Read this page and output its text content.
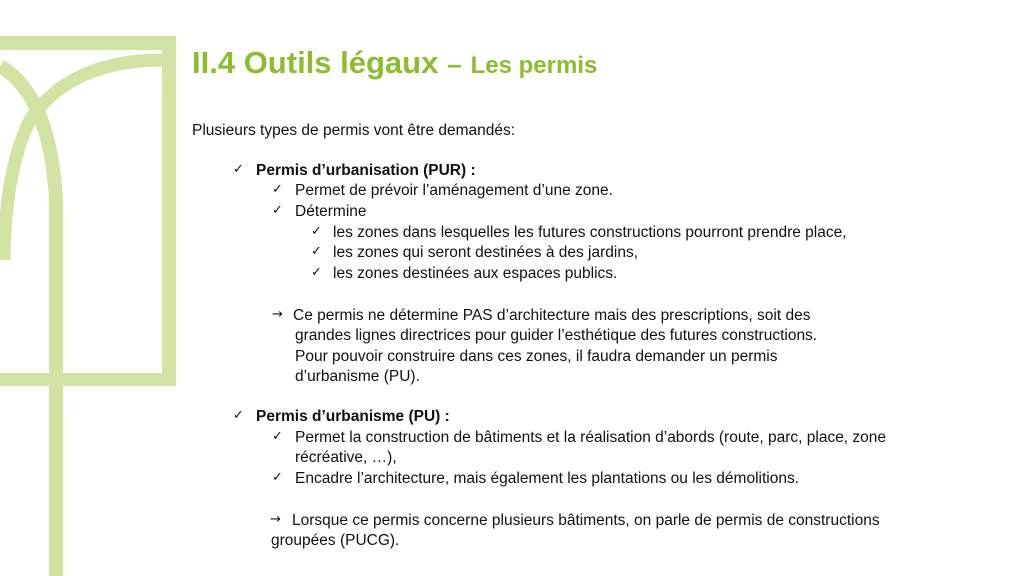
II.4 Outils légaux – Les permis
Plusieurs types de permis vont être demandés:
✓ Permis d’urbanisation (PUR) :
✓ Permet de prévoir l’aménagement d’une zone.
✓ Détermine
✓ les zones dans lesquelles les futures constructions pourront prendre place,
✓ les zones qui seront destinées à des jardins,
✓ les zones destinées aux espaces publics.
→ Ce permis ne détermine PAS d’architecture mais des prescriptions, soit des
grandes lignes directrices pour guider l’esthétique des futures constructions.
Pour pouvoir construire dans ces zones, il faudra demander un permis
d’urbanisme (PU).
✓ Permis d’urbanisme (PU) :
✓ Permet la construction de bâtiments et la réalisation d’abords (route, parc, place, zone
récréative, …),
✓ Encadre l’architecture, mais également les plantations ou les démolitions.
→ Lorsque ce permis concerne plusieurs bâtiments, on parle de permis de constructions
groupées (PUCG).
